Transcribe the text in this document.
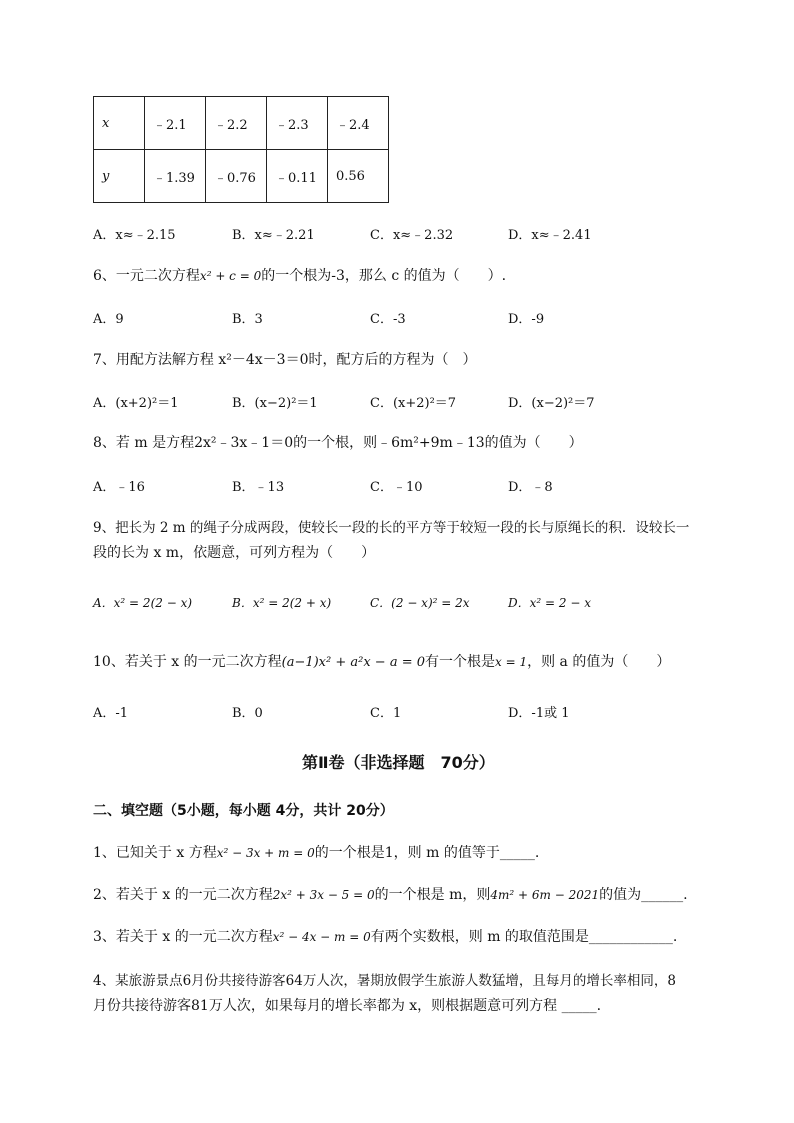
x	﹣2.1	﹣2.2	﹣2.3	﹣2.4
y	﹣1.39	﹣0.76	﹣0.11	0.56
A．x≈﹣2.15	B．x≈﹣2.21	C．x≈﹣2.32	D．x≈﹣2.41
6、一元二次方程x² + c = 0的一个根为-3，那么 c 的值为（　　）.
A．9	B．3	C．-3	D．-9
7、用配方法解方程 x²－4x－3＝0时，配方后的方程为（　）
A．(x+2)²＝1	B．(x−2)²＝1	C．(x+2)²＝7	D．(x−2)²＝7
8、若 m 是方程2x²﹣3x﹣1＝0的一个根，则﹣6m²+9m﹣13的值为（　　）
A．﹣16	B．﹣13	C．﹣10	D．﹣8
9、把长为 2 m 的绳子分成两段，使较长一段的长的平方等于较短一段的长与原绳长的积．设较长一
段的长为 x m，依题意，可列方程为（　　）
A．x² = 2(2 − x)	B．x² = 2(2 + x)	C．(2 − x)² = 2x	D．x² = 2 − x
10、若关于 x 的一元二次方程(a−1)x² + a²x − a = 0有一个根是x = 1，则 a 的值为（　　）
A．-1	B．0	C．1	D．-1或 1
第Ⅱ卷（非选择题　70分）
二、填空题（5小题，每小题 4分，共计 20分）
1、已知关于 x 方程x² − 3x + m = 0的一个根是1，则 m 的值等于_____.
2、若关于 x 的一元二次方程2x² + 3x − 5 = 0的一个根是 m，则4m² + 6m − 2021的值为______.
3、若关于 x 的一元二次方程x² − 4x − m = 0有两个实数根，则 m 的取值范围是____________.
4、某旅游景点6月份共接待游客64万人次，暑期放假学生旅游人数猛增，且每月的增长率相同，8
月份共接待游客81万人次，如果每月的增长率都为 x，则根据题意可列方程 _____.
